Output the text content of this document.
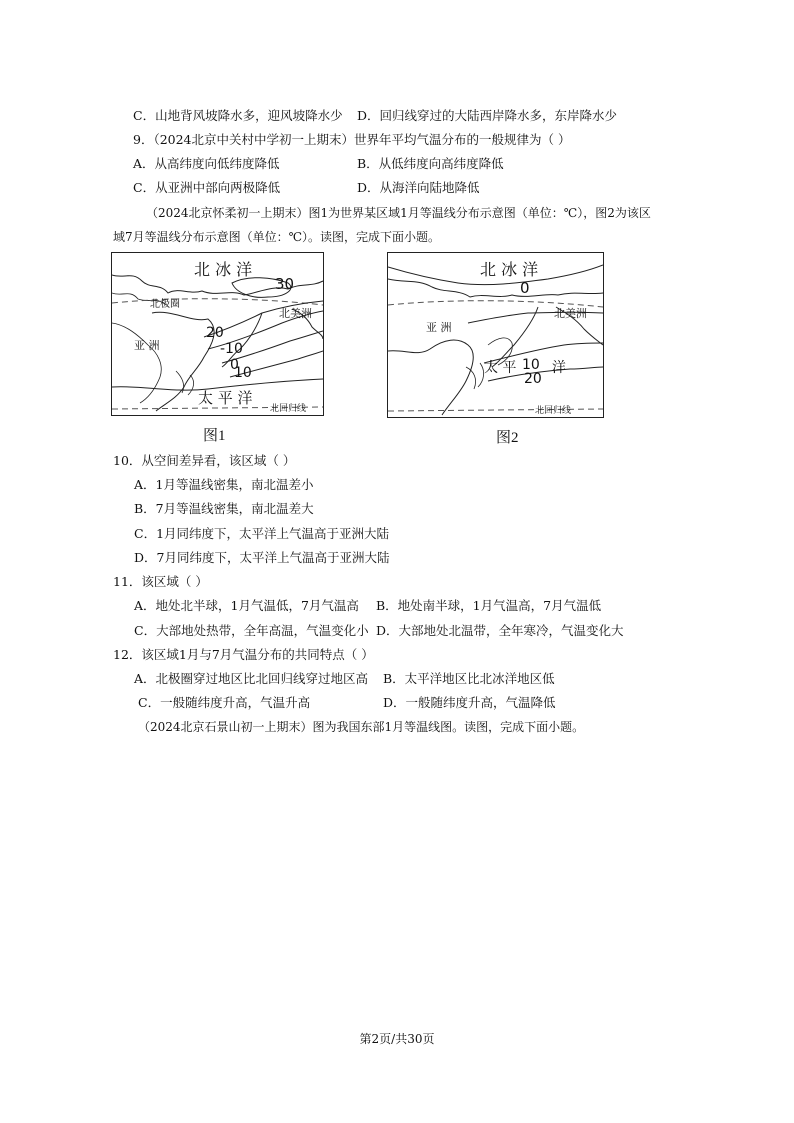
C．山地背风坡降水多，迎风坡降水少 D．回归线穿过的大陆西岸降水多，东岸降水少
9．（2024北京中关村中学初一上期末）世界年平均气温分布的一般规律为（ ）
A．从高纬度向低纬度降低	B．从低纬度向高纬度降低
C．从亚洲中部向两极降低	D．从海洋向陆地降低
（2024北京怀柔初一上期末）图1为世界某区域1月等温线分布示意图（单位：℃），图2为该区
域7月等温线分布示意图（单位：℃）。读图，完成下面小题。
北 冰 洋
30
北极圈
北美洲
亚 洲
20
-10
0
10
太 平 洋
北回归线
图1
北 冰 洋
0
北美洲
亚 洲
太 平 10 洋
20
北回归线
图2
10．从空间差异看，该区域（ ）
A．1月等温线密集，南北温差小
B．7月等温线密集，南北温差大
C．1月同纬度下，太平洋上气温高于亚洲大陆
D．7月同纬度下，太平洋上气温高于亚洲大陆
11．该区域（ ）
A．地处北半球，1月气温低，7月气温高 B．地处南半球，1月气温高，7月气温低
C．大部地处热带，全年高温，气温变化小 D．大部地处北温带，全年寒冷，气温变化大
12．该区域1月与7月气温分布的共同特点（ ）
A．北极圈穿过地区比北回归线穿过地区高 B．太平洋地区比北冰洋地区低
C．一般随纬度升高，气温升高	D．一般随纬度升高，气温降低
（2024北京石景山初一上期末）图为我国东部1月等温线图。读图，完成下面小题。
第2页/共30页
